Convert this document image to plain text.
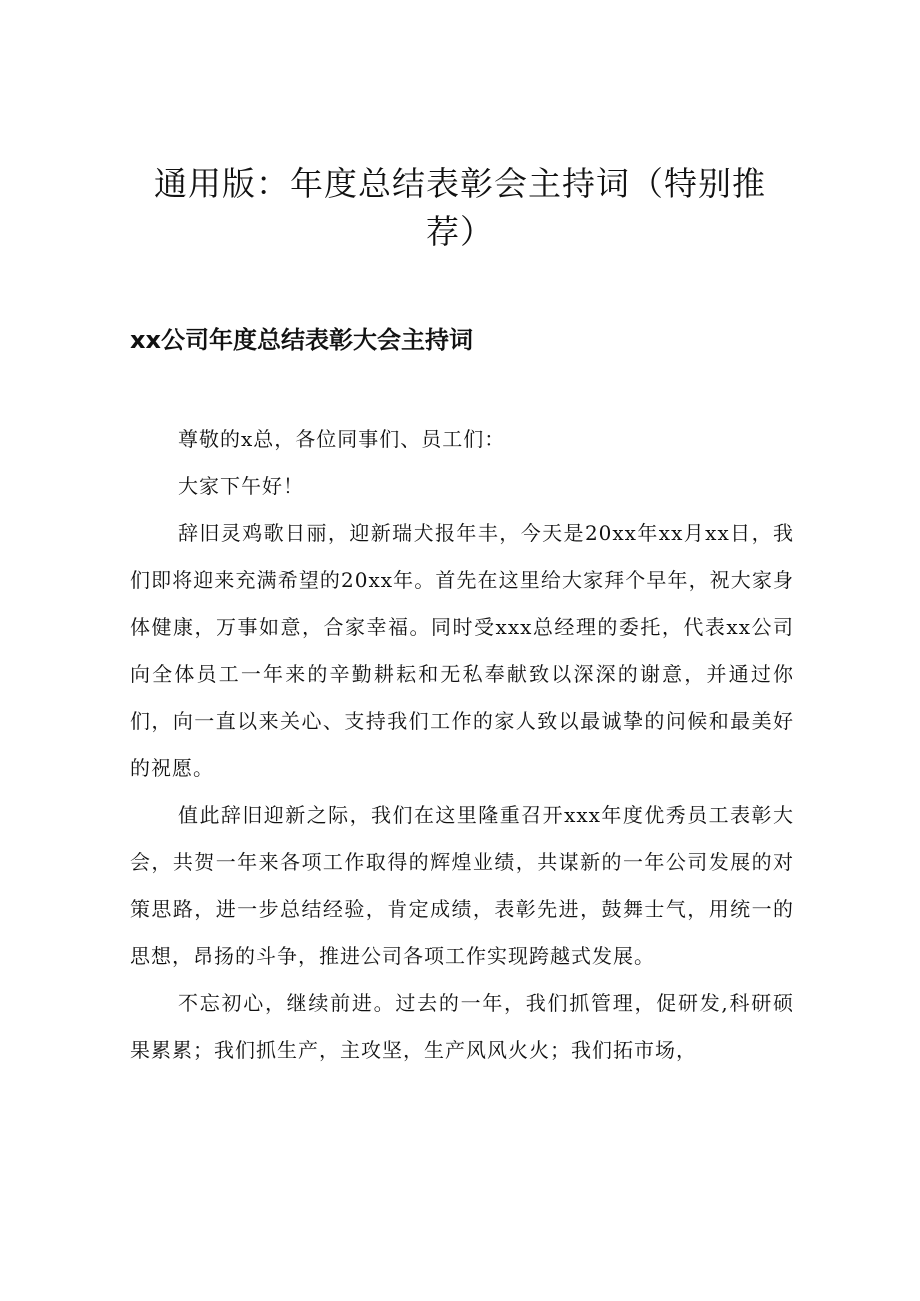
通用版：年度总结表彰会主持词（特别推荐）
xx公司年度总结表彰大会主持词

尊敬的x总，各位同事们、员工们：

大家下午好！

辞旧灵鸡歌日丽，迎新瑞犬报年丰，今天是20xx年xx月xx日，我们即将迎来充满希望的20xx年。首先在这里给大家拜个早年，祝大家身体健康，万事如意，合家幸福。同时受xxx总经理的委托，代表xx公司向全体员工一年来的辛勤耕耘和无私奉献致以深深的谢意，并通过你们，向一直以来关心、支持我们工作的家人致以最诚挚的问候和最美好的祝愿。

值此辞旧迎新之际，我们在这里隆重召开xxx年度优秀员工表彰大会，共贺一年来各项工作取得的辉煌业绩，共谋新的一年公司发展的对策思路，进一步总结经验，肯定成绩，表彰先进，鼓舞士气，用统一的思想，昂扬的斗争，推进公司各项工作实现跨越式发展。

不忘初心，继续前进。过去的一年，我们抓管理，促研发,科研硕果累累；我们抓生产，主攻坚，生产风风火火；我们拓市场，
